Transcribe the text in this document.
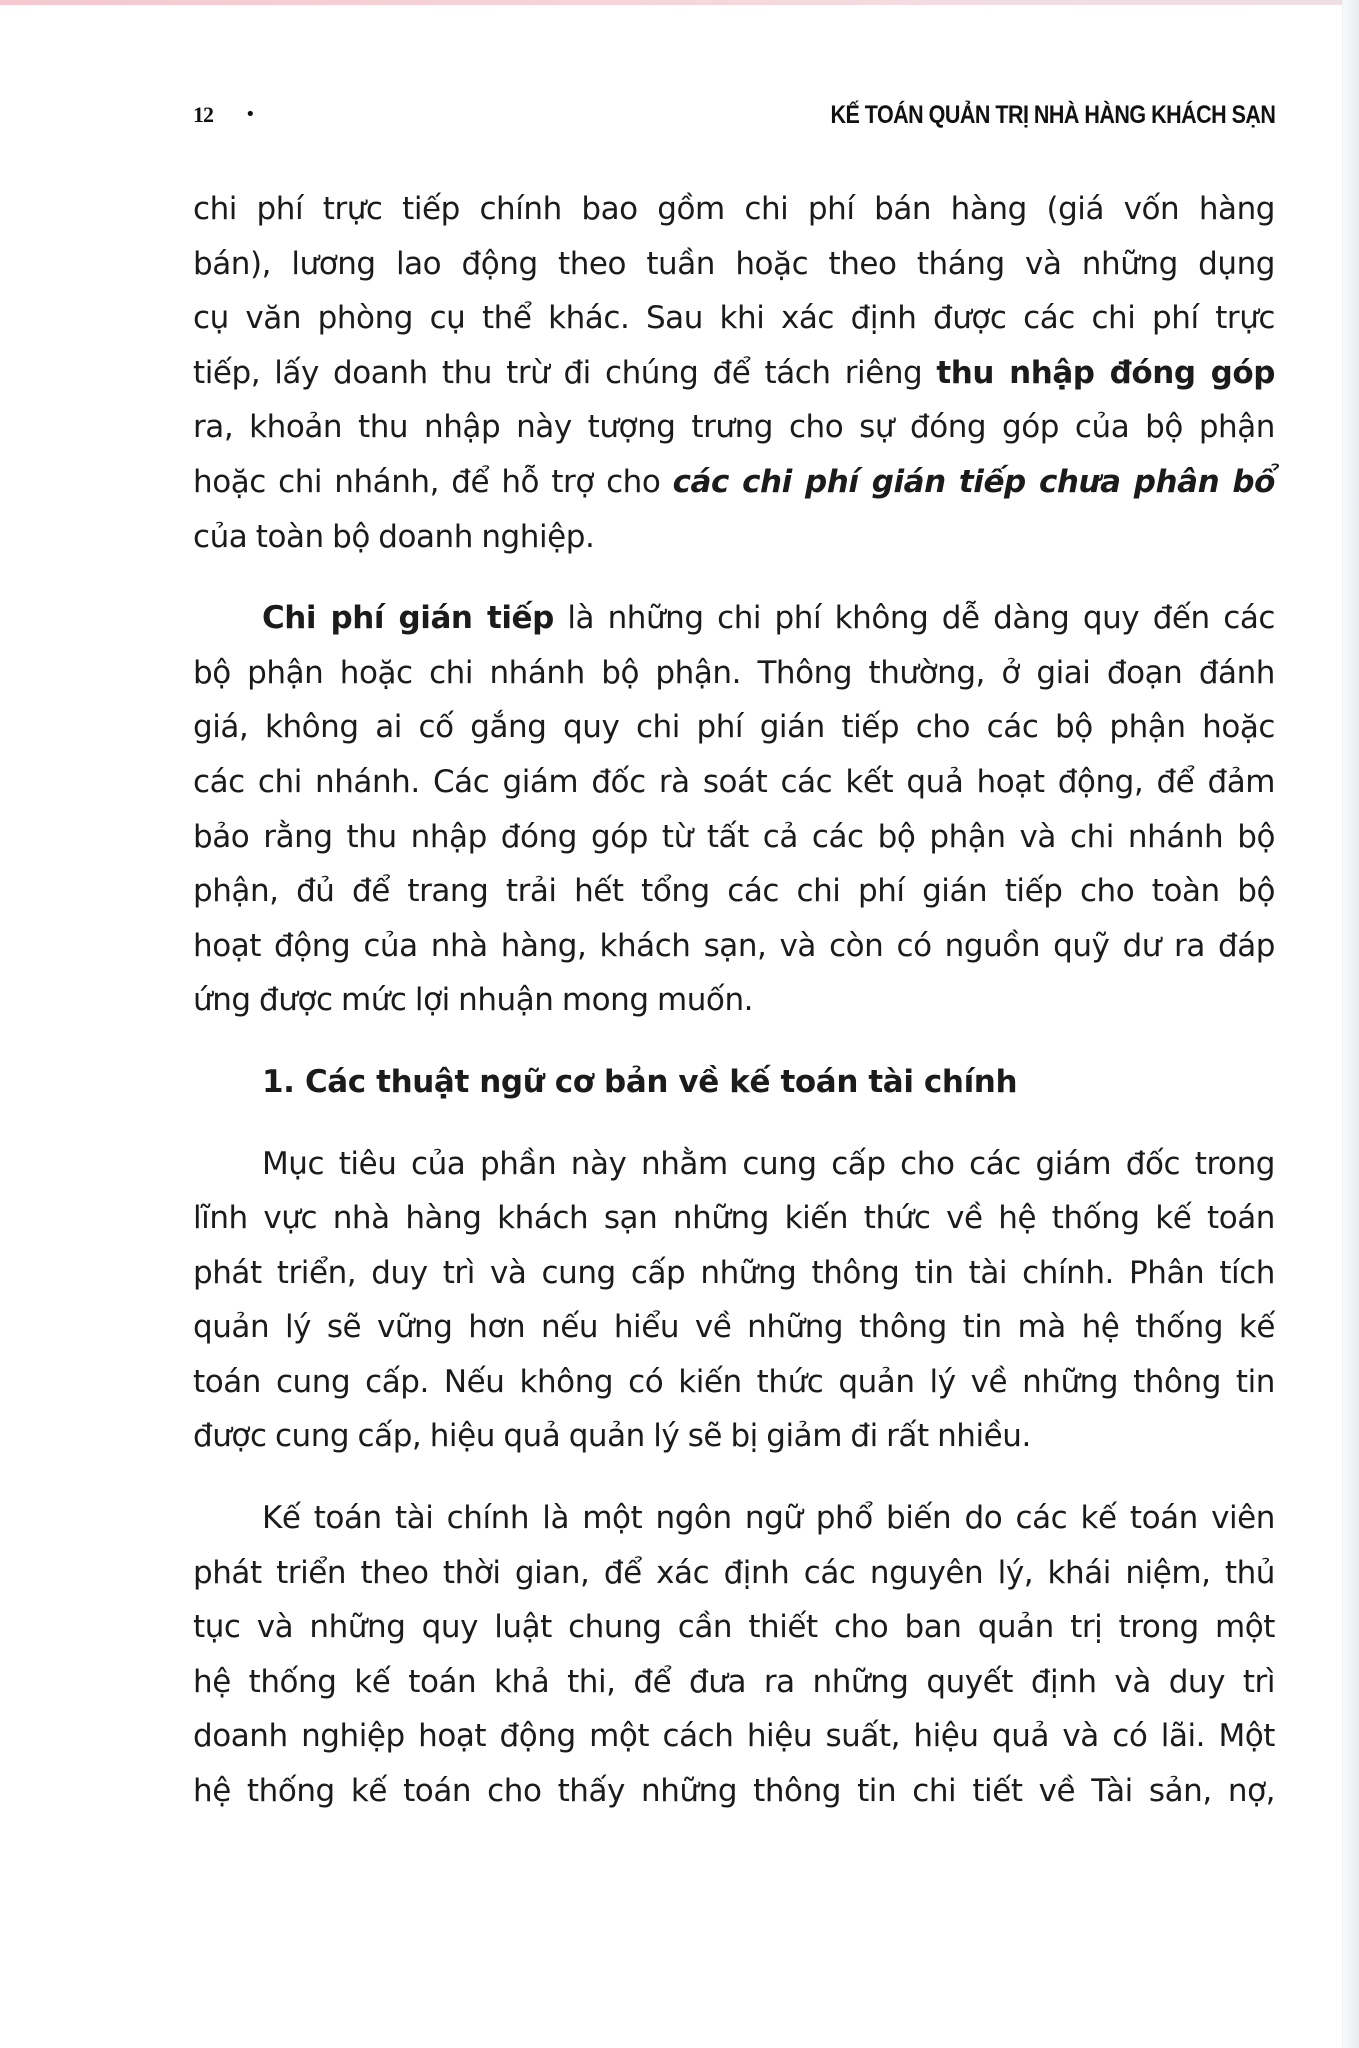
12 •	KẾ TOÁN QUẢN TRỊ NHÀ HÀNG KHÁCH SẠN

chi phí trực tiếp chính bao gồm chi phí bán hàng (giá vốn hàng
bán), lương lao động theo tuần hoặc theo tháng và những dụng
cụ văn phòng cụ thể khác. Sau khi xác định được các chi phí trực
tiếp, lấy doanh thu trừ đi chúng để tách riêng thu nhập đóng góp
ra, khoản thu nhập này tượng trưng cho sự đóng góp của bộ phận
hoặc chi nhánh, để hỗ trợ cho các chi phí gián tiếp chưa phân bổ
của toàn bộ doanh nghiệp.

Chi phí gián tiếp là những chi phí không dễ dàng quy đến các
bộ phận hoặc chi nhánh bộ phận. Thông thường, ở giai đoạn đánh
giá, không ai cố gắng quy chi phí gián tiếp cho các bộ phận hoặc
các chi nhánh. Các giám đốc rà soát các kết quả hoạt động, để đảm
bảo rằng thu nhập đóng góp từ tất cả các bộ phận và chi nhánh bộ
phận, đủ để trang trải hết tổng các chi phí gián tiếp cho toàn bộ
hoạt động của nhà hàng, khách sạn, và còn có nguồn quỹ dư ra đáp
ứng được mức lợi nhuận mong muốn.

1. Các thuật ngữ cơ bản về kế toán tài chính

Mục tiêu của phần này nhằm cung cấp cho các giám đốc trong
lĩnh vực nhà hàng khách sạn những kiến thức về hệ thống kế toán
phát triển, duy trì và cung cấp những thông tin tài chính. Phân tích
quản lý sẽ vững hơn nếu hiểu về những thông tin mà hệ thống kế
toán cung cấp. Nếu không có kiến thức quản lý về những thông tin
được cung cấp, hiệu quả quản lý sẽ bị giảm đi rất nhiều.

Kế toán tài chính là một ngôn ngữ phổ biến do các kế toán viên
phát triển theo thời gian, để xác định các nguyên lý, khái niệm, thủ
tục và những quy luật chung cần thiết cho ban quản trị trong một
hệ thống kế toán khả thi, để đưa ra những quyết định và duy trì
doanh nghiệp hoạt động một cách hiệu suất, hiệu quả và có lãi. Một
hệ thống kế toán cho thấy những thông tin chi tiết về Tài sản, nợ,
